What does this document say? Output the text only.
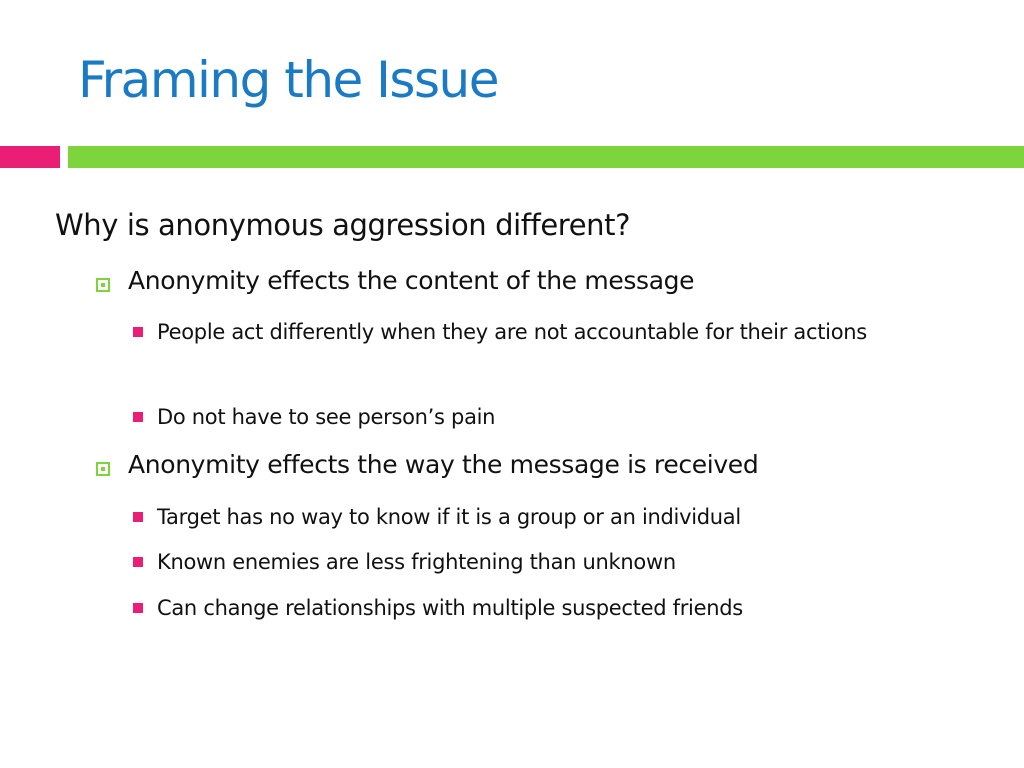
Framing the Issue
Why is anonymous aggression different?
Anonymity effects the content of the message
People act differently when they are not accountable for their actions
Do not have to see person’s pain
Anonymity effects the way the message is received
Target has no way to know if it is a group or an individual
Known enemies are less frightening than unknown
Can change relationships with multiple suspected friends
